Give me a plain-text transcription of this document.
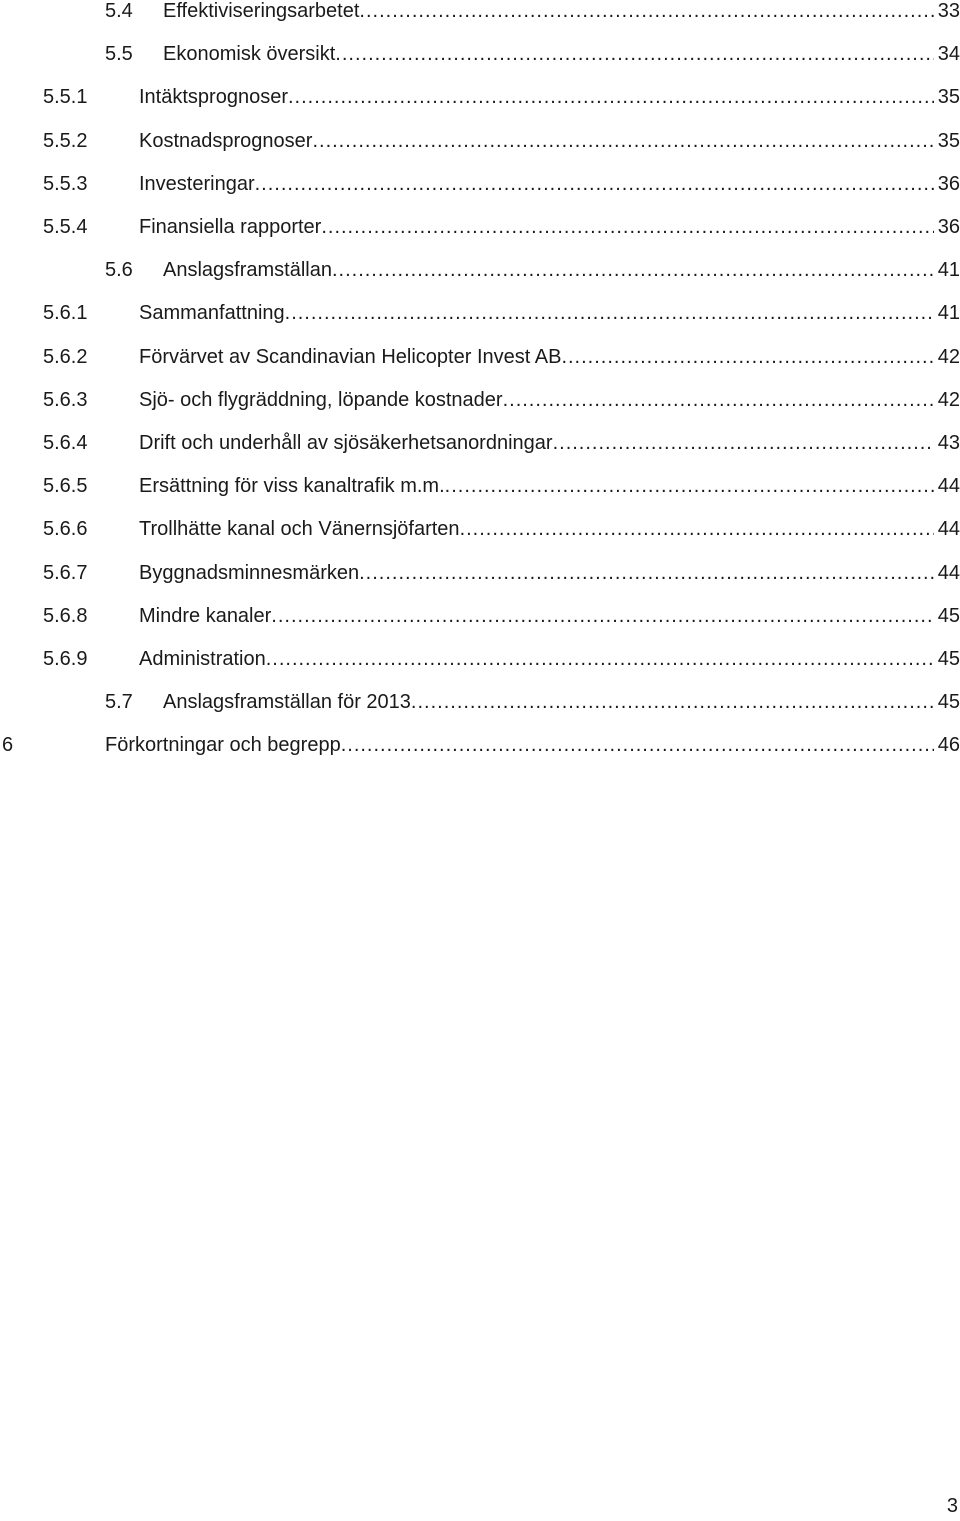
5.4 Effektiviseringsarbetet .....	33
5.5 Ekonomisk översikt .....	34
5.5.1	Intäktsprognoser .....	35
5.5.2	Kostnadsprognoser .....	35
5.5.3	Investeringar .....	36
5.5.4	Finansiella rapporter .....	36
5.6 Anslagsframställan .....	41
5.6.1	Sammanfattning .....	41
5.6.2	Förvärvet av Scandinavian Helicopter Invest AB .....	42
5.6.3	Sjö- och flygräddning, löpande kostnader .....	42
5.6.4	Drift och underhåll av sjösäkerhetsanordningar .....	43
5.6.5	Ersättning för viss kanaltrafik m.m. .....	44
5.6.6	Trollhätte kanal och Vänernsjöfarten .....	44
5.6.7	Byggnadsminnesmärken .....	44
5.6.8	Mindre kanaler .....	45
5.6.9	Administration .....	45
5.7 Anslagsframställan för 2013 .....	45
6	Förkortningar och begrepp .....	46
3
